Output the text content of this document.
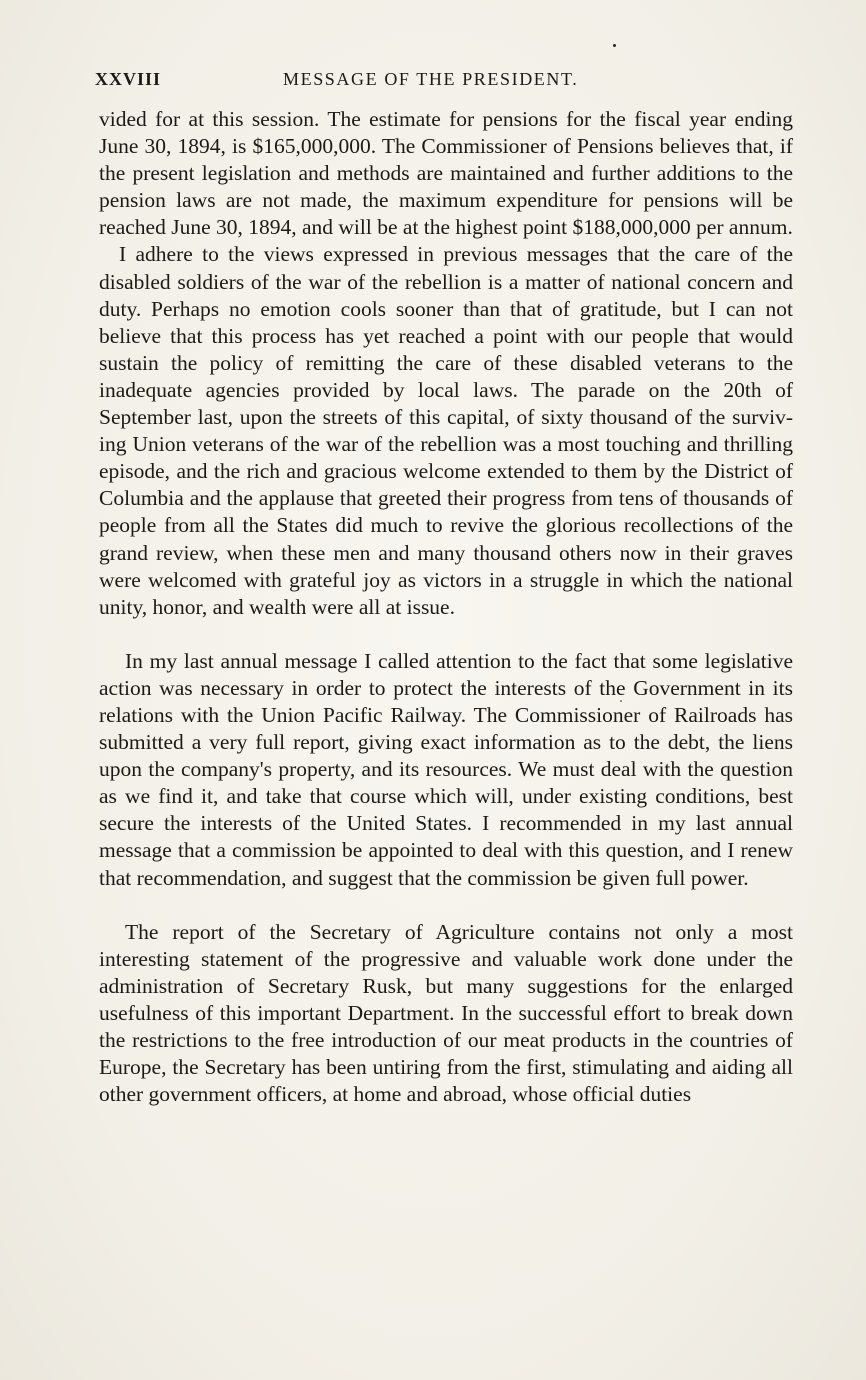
XXVIII	MESSAGE OF THE PRESIDENT.

vided for at this session. The estimate for pensions for the fiscal year ending June 30, 1894, is $165,000,000. The Commissioner of Pensions believes that, if the present legislation and methods are maintained and further additions to the pension laws are not made, the maximum expenditure for pensions will be reached June 30, 1894, and will be at the highest point $188,000,000 per annum.

I adhere to the views expressed in previous messages that the care of the disabled soldiers of the war of the rebellion is a matter of national concern and duty. Perhaps no emotion cools sooner than that of gratitude, but I can not believe that this process has yet reached a point with our people that would sustain the policy of remitting the care of these disabled veterans to the inadequate agencies provided by local laws. The parade on the 20th of September last, upon the streets of this capital, of sixty thousand of the surviving Union veterans of the war of the rebellion was a most touching and thrilling episode, and the rich and gracious welcome extended to them by the District of Columbia and the applause that greeted their progress from tens of thousands of people from all the States did much to revive the glorious recollections of the grand review, when these men and many thousand others now in their graves were welcomed with grateful joy as victors in a struggle in which the national unity, honor, and wealth were all at issue.

In my last annual message I called attention to the fact that some legislative action was necessary in order to protect the interests of the Government in its relations with the Union Pacific Railway. The Commissioner of Railroads has submitted a very full report, giving exact information as to the debt, the liens upon the company's property, and its resources. We must deal with the question as we find it, and take that course which will, under existing conditions, best secure the interests of the United States. I recommended in my last annual message that a commission be appointed to deal with this question, and I renew that recommendation, and suggest that the commission be given full power.

The report of the Secretary of Agriculture contains not only a most interesting statement of the progressive and valuable work done under the administration of Secretary Rusk, but many suggestions for the enlarged usefulness of this important Department. In the successful effort to break down the restrictions to the free introduction of our meat products in the countries of Europe, the Secretary has been untiring from the first, stimulating and aiding all other government officers, at home and abroad, whose official duties
